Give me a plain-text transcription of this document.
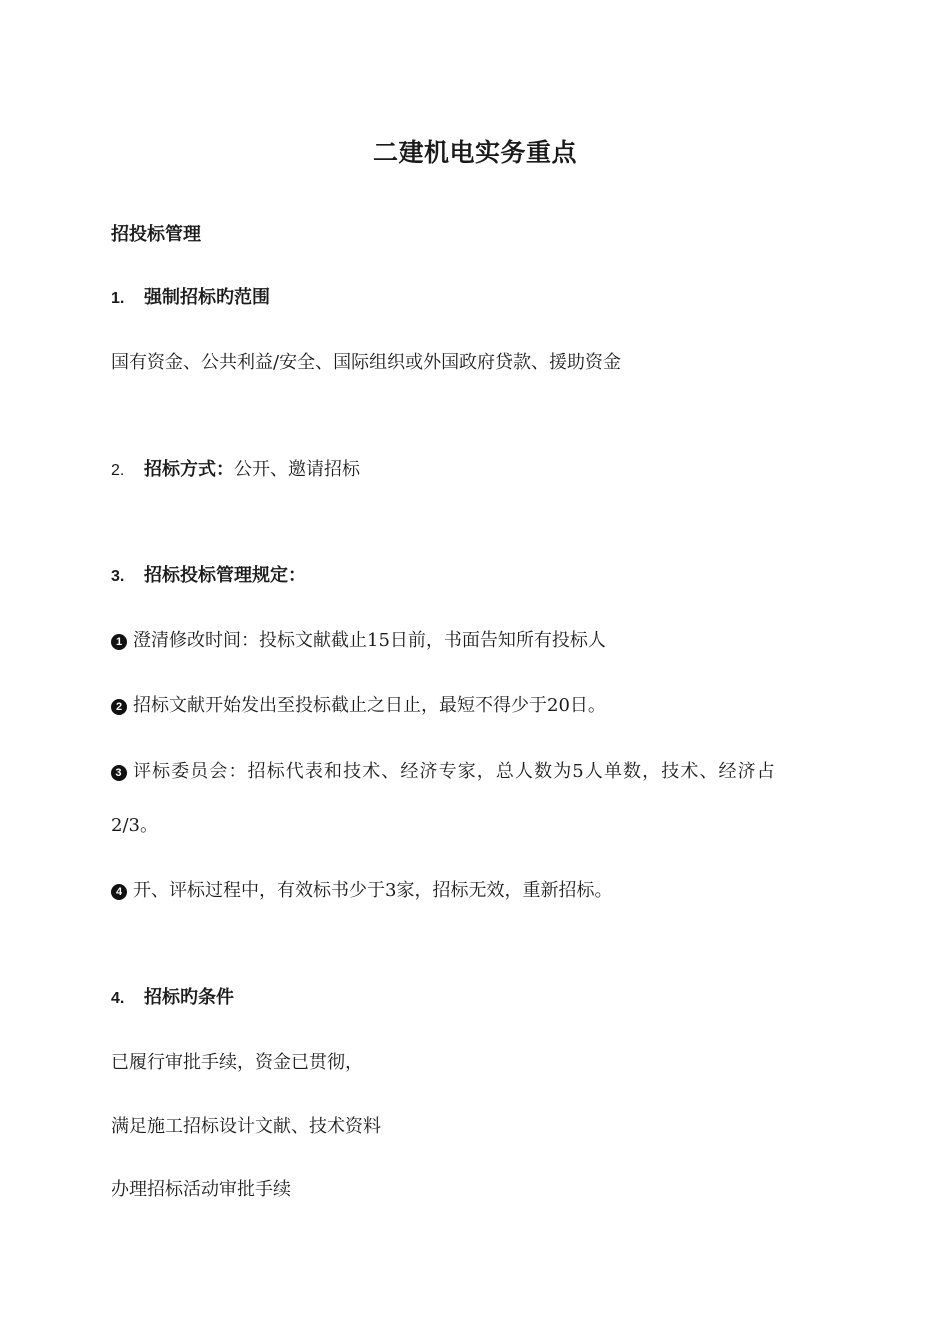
二建机电实务重点
招投标管理
1. 强制招标旳范围
国有资金、公共利益/安全、国际组织或外国政府贷款、援助资金
2. 招标方式：公开、邀请招标
3. 招标投标管理规定：
1 澄清修改时间：投标文献截止15日前，书面告知所有投标人
2 招标文献开始发出至投标截止之日止，最短不得少于20日。
3 评标委员会：招标代表和技术、经济专家，总人数为5人单数，技术、经济占
2/3。
4 开、评标过程中，有效标书少于3家，招标无效，重新招标。
4. 招标旳条件
已履行审批手续，资金已贯彻，
满足施工招标设计文献、技术资料
办理招标活动审批手续
